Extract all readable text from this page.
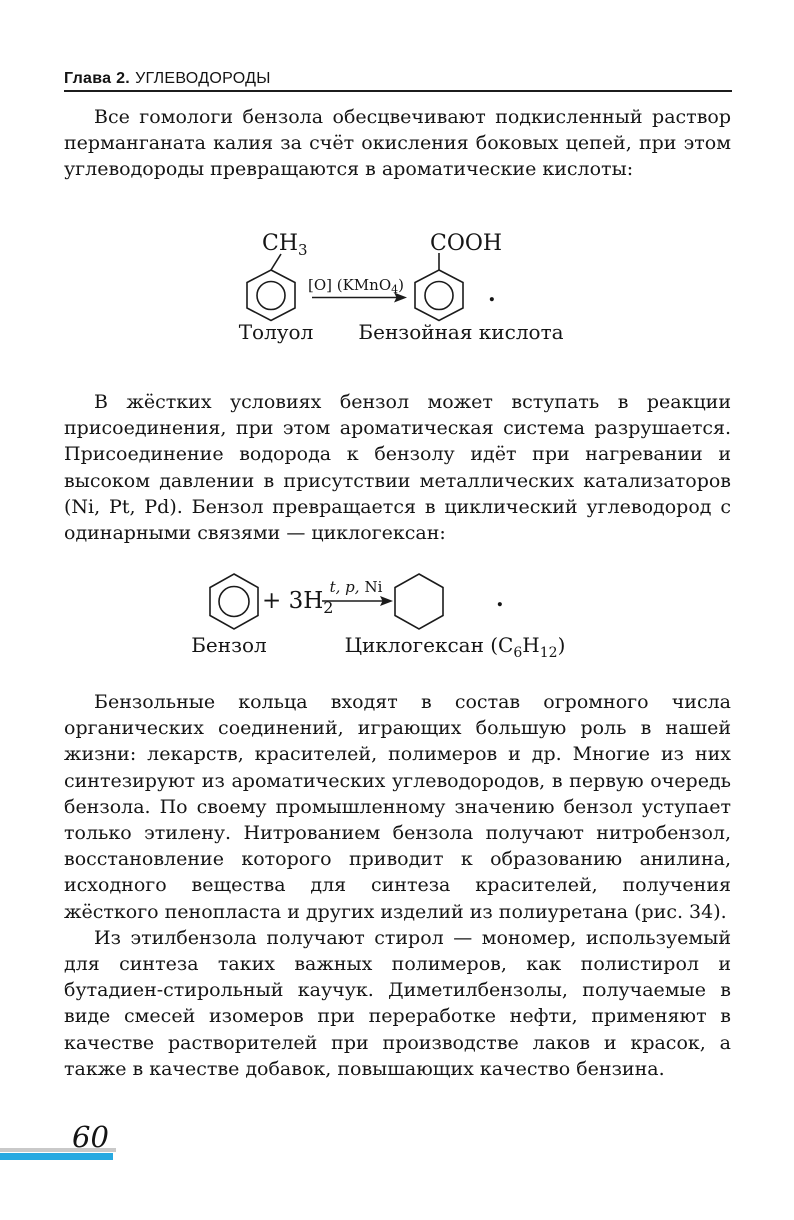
Глава 2. УГЛЕВОДОРОДЫ

Все гомологи бензола обесцвечивают подкисленный раствор перманганата калия за счёт окисления боковых цепей, при этом углеводороды превращаются в ароматические кислоты:

$CH_3$
Толуол
[O] (KMnO$_4$)
COOH
Бензойная кислота
.

В жёстких условиях бензол может вступать в реакции присоединения, при этом ароматическая система разрушается. Присоединение водорода к бензолу идёт при нагревании и высоком давлении в присутствии металлических катализаторов (Ni, Pt, Pd). Бензол превращается в циклический углеводород с одинарными связями — циклогексан:

Бензол
+ $3H_2$
t, p, Ni
Циклогексан $(C_6H_{12})$
.

Бензольные кольца входят в состав огромного числа органических соединений, играющих большую роль в нашей жизни: лекарств, красителей, полимеров и др. Многие из них синтезируют из ароматических углеводородов, в первую очередь бензола. По своему промышленному значению бензол уступает только этилену. Нитрованием бензола получают нитробензол, восстановление которого приводит к образованию анилина, исходного вещества для синтеза красителей, получения жёсткого пенопласта и других изделий из полиуретана (рис. 34).

Из этилбензола получают стирол — мономер, используемый для синтеза таких важных полимеров, как полистирол и бутадиен-стирольный каучук. Диметилбензолы, получаемые в виде смесей изомеров при переработке нефти, применяют в качестве растворителей при производстве лаков и красок, а также в качестве добавок, повышающих качество бензина.

60
